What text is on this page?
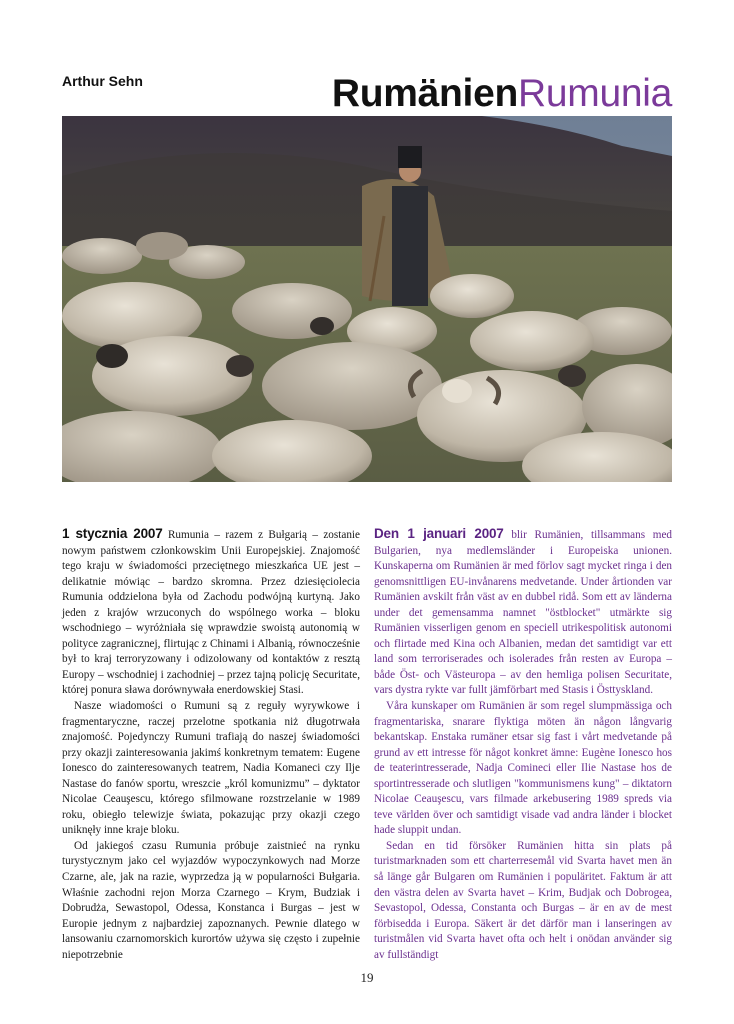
Arthur Sehn	RumänienRumunia

1 stycznia 2007 Rumunia – razem z Bułgarią – zostanie nowym państwem członkowskim Unii Europejskiej. Znajomość tego kraju w świadomości przeciętnego mieszkańca UE jest – delikatnie mówiąc – bardzo skromna. Przez dziesięciolecia Rumunia oddzielona była od Zachodu podwójną kurtyną. Jako jeden z krajów wrzuconych do wspólnego worka – bloku wschodniego – wyróżniała się wprawdzie swoistą autonomią w polityce zagranicznej, flirtując z Chinami i Albanią, równocześnie był to kraj terroryzowany i odizolowany od kontaktów z resztą Europy – wschodniej i zachodniej – przez tajną policję Securitate, której ponura sława dorównywała enerdowskiej Stasi.

Nasze wiadomości o Rumuni są z reguły wyrywkowe i fragmentaryczne, raczej przelotne spotkania niż długotrwała znajomość. Pojedynczy Rumuni trafiają do naszej świadomości przy okazji zainteresowania jakimś konkretnym tematem: Eugene Ionesco do zainteresowanych teatrem, Nadia Komaneci czy Ilje Nastase do fanów sportu, wreszcie „król komunizmu” – dyktator Nicolae Ceauşescu, którego sfilmowane rozstrzelanie w 1989 roku, obiegło telewizje świata, pokazując przy okazji czego uniknęły inne kraje bloku.

Od jakiegoś czasu Rumunia próbuje zaistnieć na rynku turystycznym jako cel wyjazdów wypoczynkowych nad Morze Czarne, ale, jak na razie, wyprzedza ją w popularności Bułgaria. Właśnie zachodni rejon Morza Czarnego – Krym, Budziak i Dobrudża, Sewastopol, Odessa, Konstanca i Burgas – jest w Europie jednym z najbardziej zapoznanych. Pewnie dlatego w lansowaniu czarnomorskich kurortów używa się często i zupełnie niepotrzebnie

Den 1 januari 2007 blir Rumänien, tillsammans med Bulgarien, nya medlemsländer i Europeiska unionen. Kunskaperna om Rumänien är med förlov sagt mycket ringa i den genomsnittligen EU-invånarens medvetande. Under årtionden var Rumänien avskilt från väst av en dubbel ridå. Som ett av länderna under det gemensamma namnet "östblocket" utmärkte sig Rumänien visserligen genom en speciell utrikespolitisk autonomi och flirtade med Kina och Albanien, medan det samtidigt var ett land som terroriserades och isolerades från resten av Europa – både Öst- och Västeuropa – av den hemliga polisen Securitate, vars dystra rykte var fullt jämförbart med Stasis i Östtyskland.

Våra kunskaper om Rumänien är som regel slumpmässiga och fragmentariska, snarare flyktiga möten än någon långvarig bekantskap. Enstaka rumäner etsar sig fast i vårt medvetande på grund av ett intresse för något konkret ämne: Eugène Ionesco hos de teaterintresserade, Nadja Comineci eller Ilie Nastase hos de sportintresserade och slutligen "kommunismens kung" – diktatorn Nicolae Ceauşescu, vars filmade arkebusering 1989 spreds via teve världen över och samtidigt visade vad andra länder i blocket hade sluppit undan.

Sedan en tid försöker Rumänien hitta sin plats på turistmarknaden som ett charterresemål vid Svarta havet men än så länge går Bulgaren om Rumänien i populäritet. Faktum är att den västra delen av Svarta havet – Krim, Budjak och Dobrogea, Sevastopol, Odessa, Constanta och Burgas – är en av de mest förbisedda i Europa. Säkert är det därför man i lanseringen av turistmålen vid Svarta havet ofta och helt i onödan använder sig av fullständigt

19
